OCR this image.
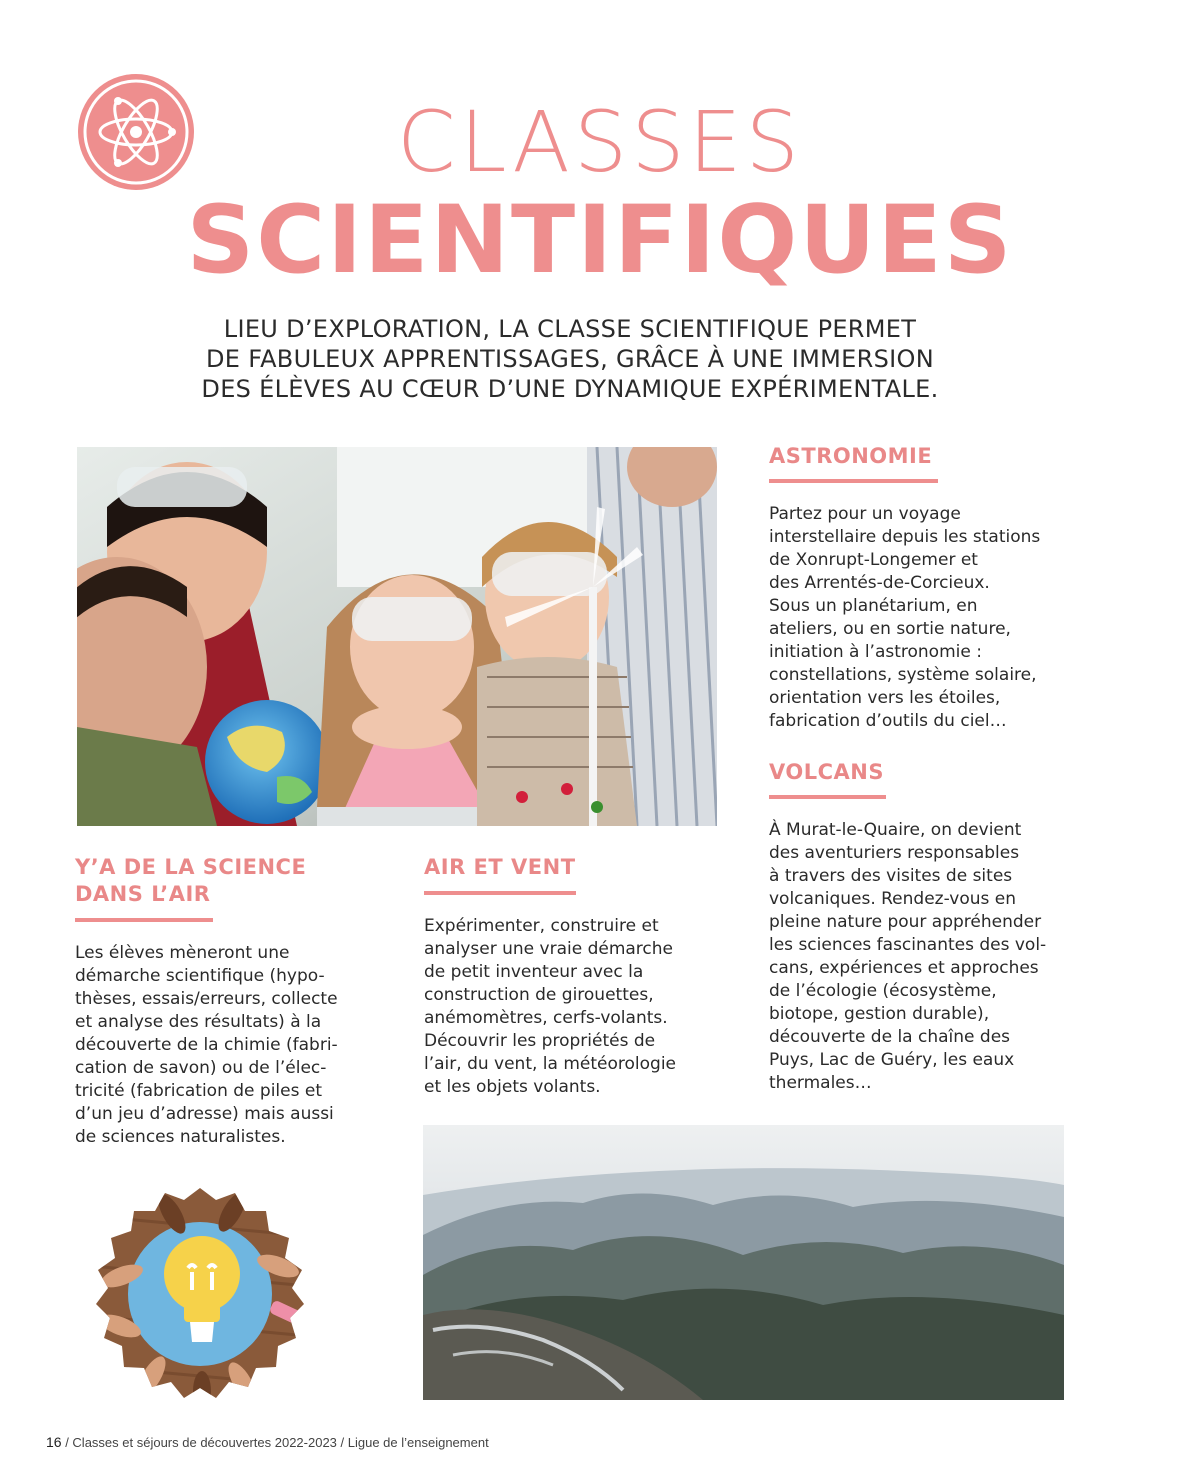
CLASSES
SCIENTIFIQUES
LIEU D’EXPLORATION, LA CLASSE SCIENTIFIQUE PERMET
DE FABULEUX APPRENTISSAGES, GRÂCE À UNE IMMERSION
DES ÉLÈVES AU CŒUR D’UNE DYNAMIQUE EXPÉRIMENTALE.
ASTRONOMIE
Partez pour un voyage
interstellaire depuis les stations
de Xonrupt-Longemer et
des Arrentés-de-Corcieux.
Sous un planétarium, en
ateliers, ou en sortie nature,
initiation à l’astronomie :
constellations, système solaire,
orientation vers les étoiles,
fabrication d’outils du ciel…
VOLCANS
À Murat-le-Quaire, on devient
des aventuriers responsables
à travers des visites de sites
volcaniques. Rendez-vous en
pleine nature pour appréhender
les sciences fascinantes des vol-
cans, expériences et approches
de l’écologie (écosystème,
biotope, gestion durable),
découverte de la chaîne des
Puys, Lac de Guéry, les eaux
thermales…
Y’A DE LA SCIENCE
DANS L’AIR
Les élèves mèneront une
démarche scientifique (hypo-
thèses, essais/erreurs, collecte
et analyse des résultats) à la
découverte de la chimie (fabri-
cation de savon) ou de l’élec-
tricité (fabrication de piles et
d’un jeu d’adresse) mais aussi
de sciences naturalistes.
AIR ET VENT
Expérimenter, construire et
analyser une vraie démarche
de petit inventeur avec la
construction de girouettes,
anémomètres, cerfs-volants.
Découvrir les propriétés de
l’air, du vent, la météorologie
et les objets volants.
16 / Classes et séjours de découvertes 2022-2023 / Ligue de l’enseignement
